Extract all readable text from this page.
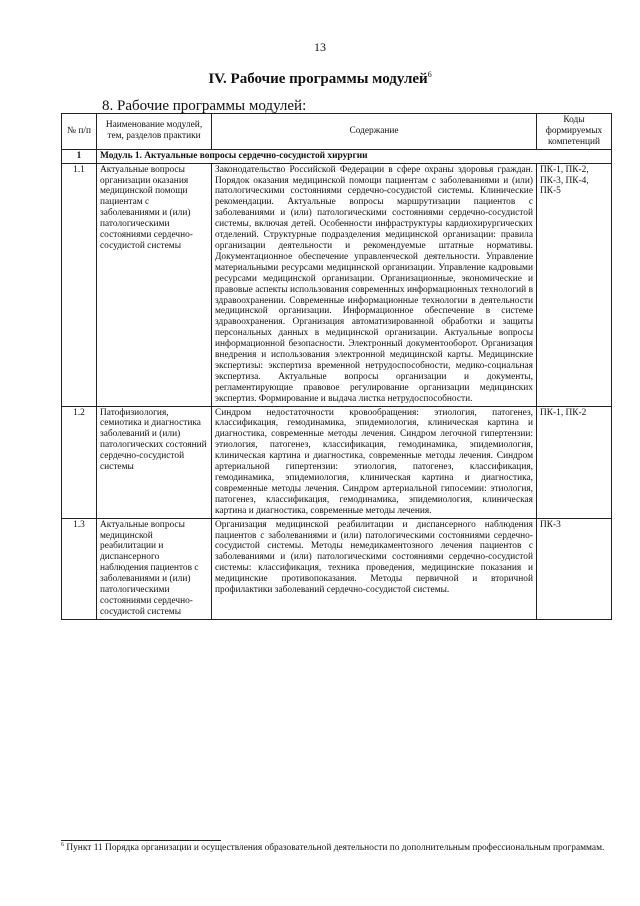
13
IV. Рабочие программы модулей$^6$
8. Рабочие программы модулей:
№ п/п	Наименование модулей, тем, разделов практики	Содержание	Коды формируемых компетенций
1	Модуль 1. Актуальные вопросы сердечно-сосудистой хирургии		
1.1	Актуальные вопросы организации оказания медицинской помощи пациентам с заболеваниями и (или) патологическими состояниями сердечно-сосудистой системы	Законодательство Российской Федерации в сфере охраны здоровья граждан. Порядок оказания медицинской помощи пациентам с заболеваниями и (или) патологическими состояниями сердечно-сосудистой системы. Клинические рекомендации. Актуальные вопросы маршрутизации пациентов с заболеваниями и (или) патологическими состояниями сердечно-сосудистой системы, включая детей. Особенности инфраструктуры кардиохирургических отделений. Структурные подразделения медицинской организации: правила организации деятельности и рекомендуемые штатные нормативы. Документационное обеспечение управленческой деятельности. Управление материальными ресурсами медицинской организации. Управление кадровыми ресурсами медицинской организации. Организационные, экономические и правовые аспекты использования современных информационных технологий в здравоохранении. Современные информационные технологии в деятельности медицинской организации. Информационное обеспечение в системе здравоохранения. Организация автоматизированной обработки и защиты персональных данных в медицинской организации. Актуальные вопросы информационной безопасности. Электронный документооборот. Организация внедрения и использования электронной медицинской карты. Медицинские экспертизы: экспертиза временной нетрудоспособности, медико-социальная экспертиза. Актуальные вопросы организации и документы, регламентирующие правовое регулирование организации медицинских экспертиз. Формирование и выдача листка нетрудоспособности.	ПК-1, ПК-2, ПК-3, ПК-4, ПК-5
1.2	Патофизиология, семиотика и диагностика заболеваний и (или) патологических состояний сердечно-сосудистой системы	Синдром недостаточности кровообращения: этиология, патогенез, классификация, гемодинамика, эпидемиология, клиническая картина и диагностика, современные методы лечения. Синдром легочной гипертензии: этиология, патогенез, классификация, гемодинамика, эпидемиология, клиническая картина и диагностика, современные методы лечения. Синдром артериальной гипертензии: этиология, патогенез, классификация, гемодинамика, эпидемиология, клиническая картина и диагностика, современные методы лечения. Синдром артериальной гипосемии: этиология, патогенез, классификация, гемодинамика, эпидемиология, клиническая картина и диагностика, современные методы лечения.	ПК-1, ПК-2
1.3	Актуальные вопросы медицинской реабилитации и диспансерного наблюдения пациентов с заболеваниями и (или) патологическими состояниями сердечно-сосудистой системы	Организация медицинской реабилитации и диспансерного наблюдения пациентов с заболеваниями и (или) патологическими состояниями сердечно-сосудистой системы. Методы немедикаментозного лечения пациентов с заболеваниями и (или) патологическими состояниями сердечно-сосудистой системы: классификация, техника проведения, медицинские показания и медицинские противопоказания. Методы первичной и вторичной профилактики заболеваний сердечно-сосудистой системы.	ПК-3
$^6$ Пункт 11 Порядка организации и осуществления образовательной деятельности по дополнительным профессиональным программам.
